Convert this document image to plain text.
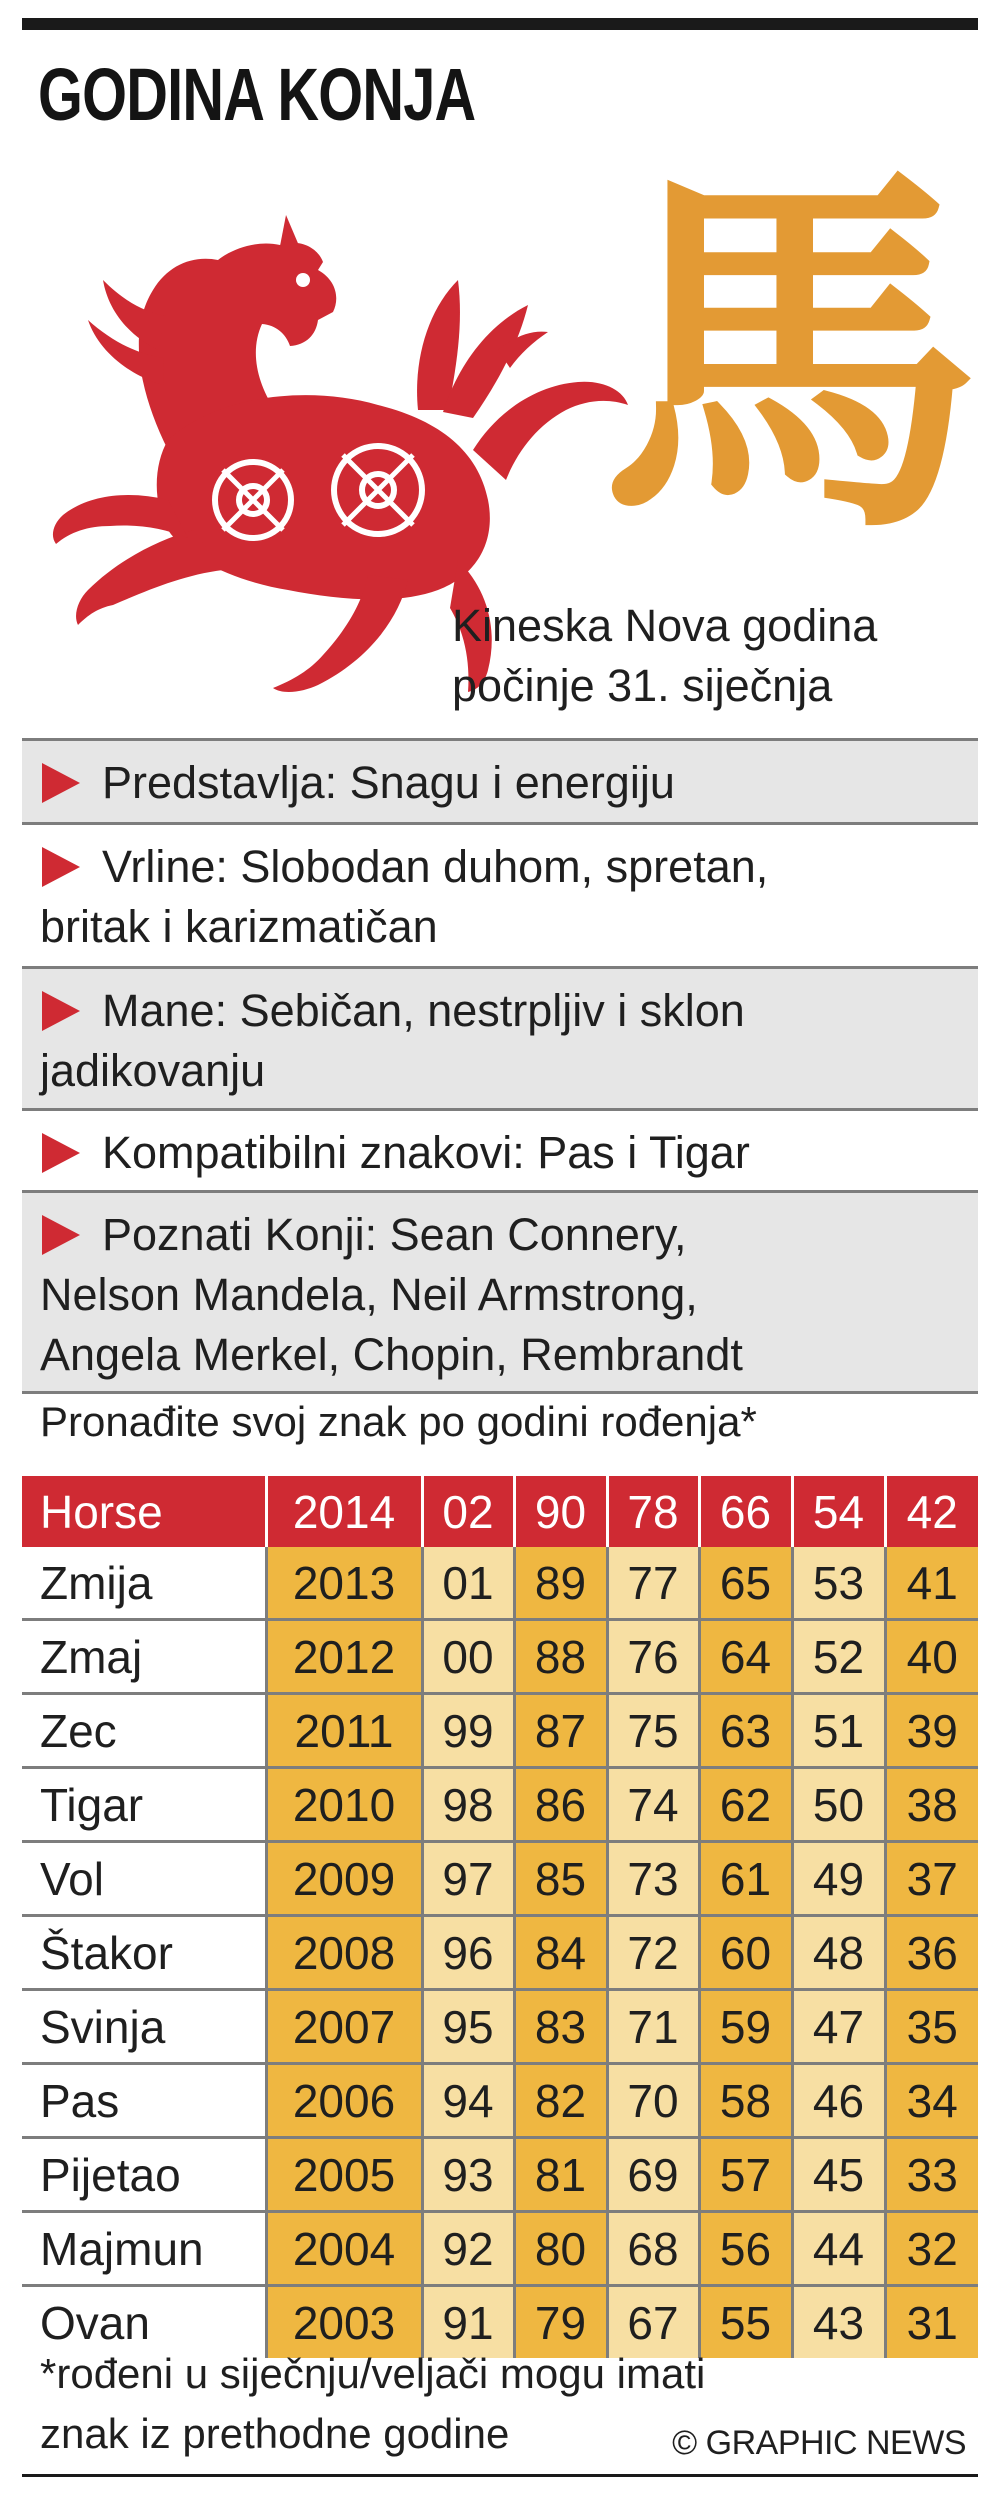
GODINA KONJA
馬
Kineska Nova godina počinje 31. siječnja
Predstavlja: Snagu i energiju
Vrline: Slobodan duhom, spretan,
britak i karizmatičan
Mane: Sebičan, nestrpljiv i sklon
jadikovanju
Kompatibilni znakovi: Pas i Tigar
Poznati Konji: Sean Connery,
Nelson Mandela, Neil Armstrong,
Angela Merkel, Chopin, Rembrandt
Pronađite svoj znak po godini rođenja*
Horse	2014	02	90	78	66	54	42
Zmija	2013	01	89	77	65	53	41
Zmaj	2012	00	88	76	64	52	40
Zec	2011	99	87	75	63	51	39
Tigar	2010	98	86	74	62	50	38
Vol	2009	97	85	73	61	49	37
Štakor	2008	96	84	72	60	48	36
Svinja	2007	95	83	71	59	47	35
Pas	2006	94	82	70	58	46	34
Pijetao	2005	93	81	69	57	45	33
Majmun	2004	92	80	68	56	44	32
Ovan	2003	91	79	67	55	43	31
*rođeni u siječnju/veljači mogu imati
znak iz prethodne godine	© GRAPHIC NEWS
